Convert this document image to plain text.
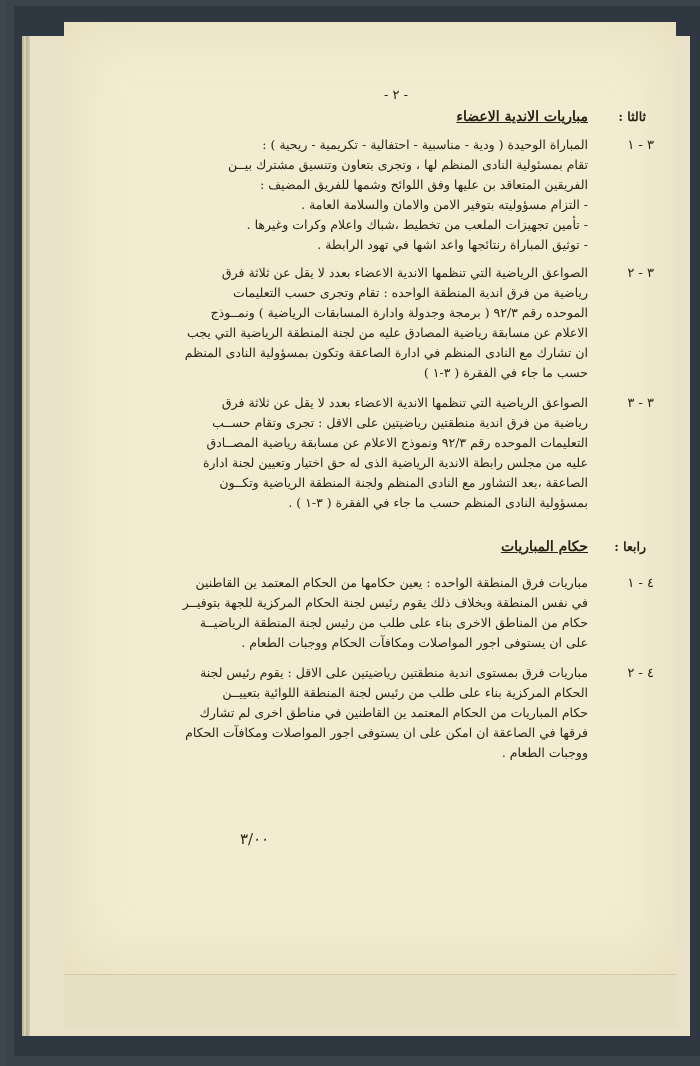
- ٢ -
ثالثا :
مباريات الاندية الاعضاء
٣ - ١
المباراة الوحيدة ( ودية - مناسبية - احتفالية - تكريمية - ريحية ) :
تقام بمسئولية النادى المنظم لها ، وتجرى بتعاون وتنسيق مشترك بيــن
الفريقين المتعاقد بن عليها وفق اللوائح وشمها للفريق المضيف :
- التزام مسؤوليته بتوفير الامن والامان والسلامة العامة .
- تأمين تجهيزات الملعب من تخطيط ،شباك واعلام وكرات وغيرها .
- توثيق المباراة رنتائجها واعد اشها في تهود الرابطة .
٣ - ٢
الصواعق الرياضية التي تنظمها الاندية الاعضاء بعدد لا يقل عن ثلاثة فرق
رياضية من فرق اندية المنطقة الواحده : تقام وتجرى حسب التعليمات
الموحده رقم ٩٢/٣ ( برمجة وجدولة وادارة المسابقات الرياضية ) ونمــوذج
الاعلام عن مسابقة رياضية المصادق عليه من لجنة المنطقة الرياضية التي يجب
ان تشارك مع النادى المنظم في ادارة الصاعقة وتكون بمسؤولية النادى المنظم
حسب ما جاء في الفقرة ( ٣-١ )
٣ - ٣
الصواعق الرياضية التي تنظمها الاندية الاعضاء بعدد لا يقل عن ثلاثة فرق
رياضية من فرق اندية منطقتين رياضيتين على الاقل : تجرى وتقام حســب
التعليمات الموحده رقم ٩٢/٣ ونموذج الاعلام عن مسابقة رياضية المصــادق
عليه من مجلس رابطة الاندية الرياضية الذى له حق اختيار وتعيين لجنة ادارة
الصاعقة ،بعد التشاور مع النادى المنظم ولجنة المنطقة الرياضية وتكــون
بمسؤولية النادى المنظم حسب ما جاء في الفقرة ( ٣-١ ) .
رابعا :
حكام المباريات
٤ - ١
مباريات فرق المنطقة الواحده : يعين حكامها من الحكام المعتمد ين القاطنين
في نفس المنطقة وبخلاف ذلك يقوم رئيس لجنة الحكام المركزية للجهة بتوفيــر
حكام من المناطق الاخرى بناء على طلب من رئيس لجنة المنطقة الرياضيــة
على ان يستوفى اجور المواصلات ومكافآت الحكام ووجبات الطعام .
٤ - ٢
مباريات فرق بمستوى اندية منطقتين رياضيتين على الاقل : يقوم رئيس لجنة
الحكام المركزية بناء على طلب من رئيس لجنة المنطقة اللوائية بتعييــن
حكام المباريات من الحكام المعتمد ين القاطنين في مناطق اخرى لم تشارك
فرقها في الصاعقة ان امكن على ان يستوفى اجور المواصلات ومكافآت الحكام
ووجبات الطعام .
٣/٠٠
